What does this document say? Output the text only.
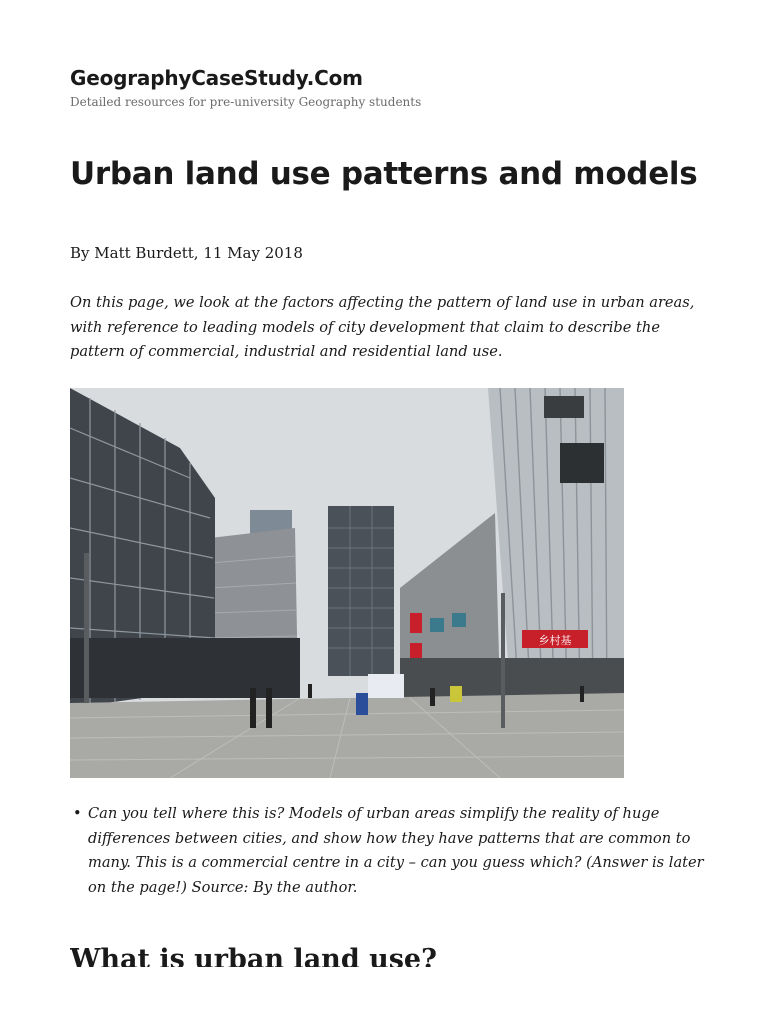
GeographyCaseStudy.Com
Detailed resources for pre-university Geography students
Urban land use patterns and models
By Matt Burdett, 11 May 2018

On this page, we look at the factors affecting the pattern of land use in urban areas, with reference to leading models of city development that claim to describe the pattern of commercial, industrial and residential land use.

乡村基
• Can you tell where this is? Models of urban areas simplify the reality of huge differences between cities, and show how they have patterns that are common to many. This is a commercial centre in a city – can you guess which? (Answer is later on the page!) Source: By the author.
What is urban land use?
